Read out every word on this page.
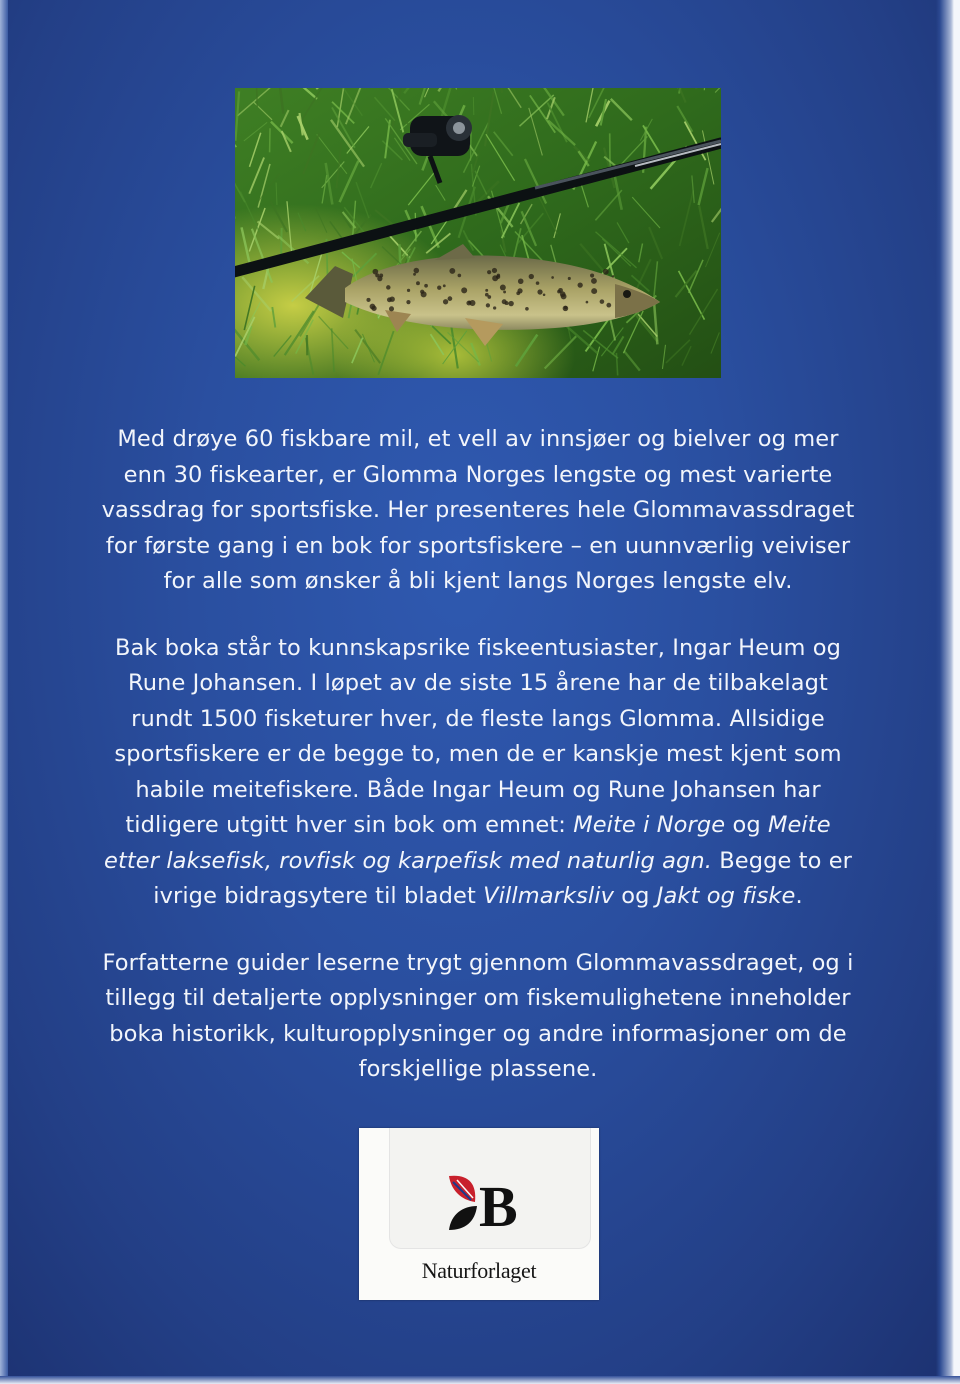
Med drøye 60 fiskbare mil, et vell av innsjøer og bielver og mer enn 30 fiskearter, er Glomma Norges lengste og mest varierte vassdrag for sportsfiske. Her presenteres hele Glommavassdraget for første gang i en bok for sportsfiskere – en uunnværlig veiviser for alle som ønsker å bli kjent langs Norges lengste elv.

Bak boka står to kunnskapsrike fiskeentusiaster, Ingar Heum og Rune Johansen. I løpet av de siste 15 årene har de tilbakelagt rundt 1500 fisketurer hver, de fleste langs Glomma. Allsidige sportsfiskere er de begge to, men de er kanskje mest kjent som habile meitefiskere. Både Ingar Heum og Rune Johansen har tidligere utgitt hver sin bok om emnet: Meite i Norge og Meite etter laksefisk, rovfisk og karpefisk med naturlig agn. Begge to er ivrige bidragsytere til bladet Villmarksliv og Jakt og fiske.

Forfatterne guider leserne trygt gjennom Glommavassdraget, og i tillegg til detaljerte opplysninger om fiskemulighetene inneholder boka historikk, kulturopplysninger og andre informasjoner om de forskjellige plassene.

B
Naturforlaget
